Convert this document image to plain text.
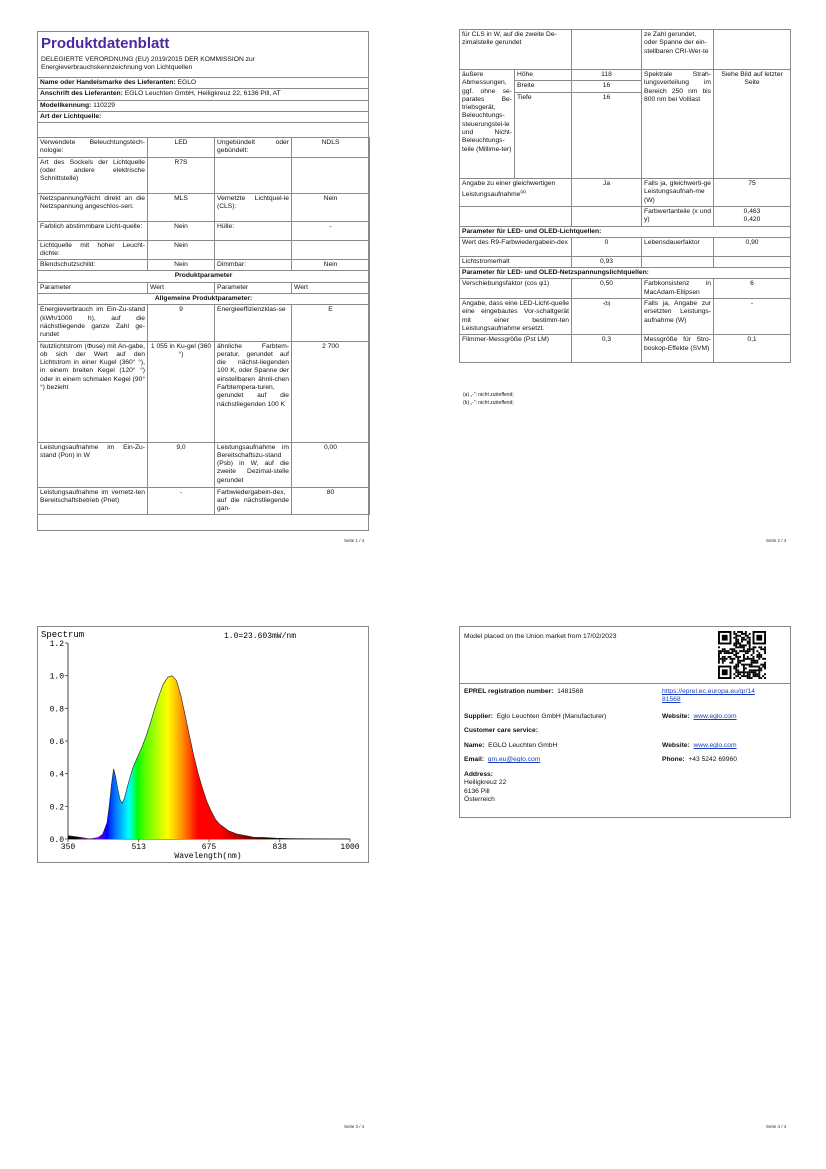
Produktdatenblatt
DELEGIERTE VERORDNUNG (EU) 2019/2015 DER KOMMISSION zur
Energieverbrauchskennzeichnung von Lichtquellen
Name oder Handelsmarke des Lieferanten: EGLO
Anschrift des Lieferanten: EGLO Leuchten GmbH, Heiligkreuz 22, 6136 Pill, AT
Modellkennung: 110229
Art der Lichtquelle:
Verwendete Beleuchtungstech-nologie:	LED	Ungebündelt oder gebündelt:	NDLS
Art des Sockels der Lichtquelle (oder andere elektrische Schnittstelle)	R7S		
Netzspannung/Nicht direkt an die Netzspannung angeschlos-sen:	MLS	Vernetzte Lichtquel-le (CLS):	Nein
Farblich abstimmbare Licht-quelle:	Nein	Hülle:	-
Lichtquelle mit hoher Leucht-dichte:	Nein		
Blendschutzschild:	Nein	Dimmbar:	Nein
Produktparameter			
Parameter	Wert	Parameter	Wert
Allgemeine Produktparameter:			
Energieverbrauch im Ein-Zu-stand (kWh/1000 h), auf die nächstliegende ganze Zahl ge-rundet	9	Energieeffizienzklas-se	E
Nutzlichtstrom (Φuse) mit An-gabe, ob sich der Wert auf den Lichtstrom in einer Kugel (360° °), in einem breiten Kegel (120° °) oder in einem schmalen Kegel (90° °) bezieht	1 055 in Ku-gel (360 °)	ähnliche Farbtem-peratur, gerundet auf die nächst-liegenden 100 K, oder Spanne der einstellbaren ähnli-chen Farbtempera-turen, gerundet auf die nächstliegenden 100 K	2 700
Leistungsaufnahme im Ein-Zu-stand (Pon) in W	9,0	Leistungsaufnahme im Bereitschaftszu-stand (Psb) in W, auf die zweite Dezimal-stelle gerundet	0,00
Leistungsaufnahme im vernetz-ten Bereitschaftsbetrieb (Pnet)	-	Farbwiedergabein-dex, auf die nächstliegende gan-	80
Seite 1 / 4
für CLS in W, auf die zweite De-zimalstelle gerundet			ze Zahl gerundet, oder Spanne der ein-stellbaren CRI-Wer-te	
äußere Abmessungen, ggf. ohne se-parates Be-triebsgerät, Beleuchtungs-steuerungstei-le und Nicht-Beleuchtungs-teile (Millime-ter)	Höhe	118	Spektrale Strah-lungsverteilung im Bereich 250 nm bis 800 nm bei Volllast	Siehe Bild auf letzter Seite
	Breite	16		
	Tiefe	16		
Angabe zu einer gleichwertigen Leistungsaufnahme$^{(a)}$		Ja	Falls ja, gleichwerti-ge Leistungsaufnah-me (W)	75
			Farbwertanteile (x und y)	0,463
0,420

Parameter für LED- und OLED-Lichtquellen:				
Wert des R9-Farbwiedergabein-dex		0	Lebensdauerfaktor	0,90
Lichtstromerhalt		0,93		
Parameter für LED- und OLED-Netzspannungslichtquellen:				
Verschiebungsfaktor (cos φ1)		0,50	Farbkonsistenz in MacAdam-Ellipsen	6
Angabe, dass eine LED-Licht-quelle eine eingebautes Vor-schaltgerät mit einer bestimm-ten Leistungsaufnahme ersetzt.		-(b)	Falls ja, Angabe zur ersetzten Leistungs-aufnahme (W)	-
Flimmer-Messgröße (Pst LM)		0,3	Messgröße für Stro-boskop-Effekte (SVM)	0,1
(a) „-“: nicht zutreffend;
(b) „-“: nicht zutreffend;
Seite 2 / 4
0.0
0.2
0.4
0.6
0.8
1.0
1.2
350	513	675	838	1000
Spectrum	1.0=23.603mW/nm
Wavelength(nm)
Seite 3 / 4
Model placed on the Union market from 17/02/2023
EPREL registration number: 1481568	https://eprel.ec.europa.eu/qr/14
81568
Supplier: Eglo Leuchten GmbH (Manufacturer)	Website: www.eglo.com
Customer care service:
Name: EGLO Leuchten GmbH	Website: www.eglo.com
Email: qm.eu@eglo.com	Phone: +43 5242 69960
Address:
Heiligkreuz 22
6136 Pill
Österreich
Seite 4 / 4
